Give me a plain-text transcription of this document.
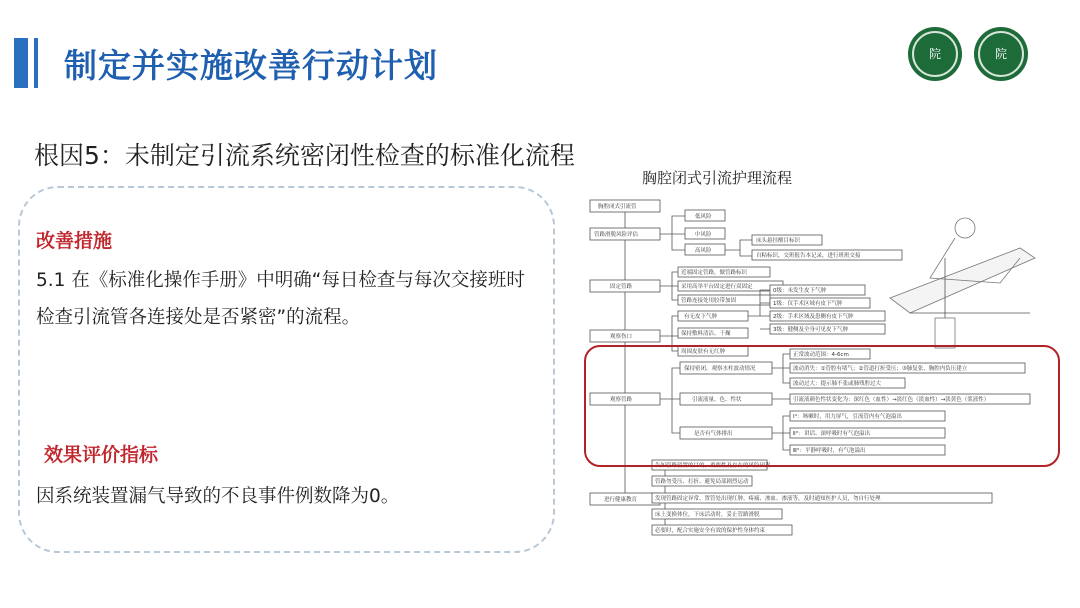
制定并实施改善行动计划	院	院
根因5：未制定引流系统密闭性检查的标准化流程
改善措施
5.1 在《标准化操作手册》中明确“每日检查与每次交接班时检查引流管各连接处是否紧密”的流程。
效果评价指标
因系统装置漏气导致的不良事件例数降为0。
胸腔闭式引流护理流程
胸腔闭式引流管
管路滑脱风险评估
固定管路
观察伤口
观察管路
进行健康教育
低风险
中风险
高风险
床头悬挂醒目标识
自粘标识，交班报告本记录，进行班班交接
近端固定管路，做管路标识
采用高举平台固定进行双固定
管路连接处用胶带加固
有无皮下气肿
保持敷料清洁、干燥
周围皮肤有无红肿
0级：未发生皮下气肿
1级：仅手术区域有皮下气肿
2级：手术区域及患侧有皮下气肿
3级：健侧及全身可见皮下气肿
保持密闭，观察水柱波动情况
引流液量、色、性状
是否有气体排出
正常波动范围：4-6cm
波动消失：①管腔有堵气；②管道打折受压；③肺复张、胸腔内负压建立
波动过大：提示肺不张或肺残腔过大
引流液颜色性状变化为：深红色（血性）→淡红色（淡血性）→淡黄色（浆液性）
Ⅰ°：咳嗽时，用力屏气，引流管内有气泡溢出
Ⅱ°：讲话、深呼吸时有气泡溢出
Ⅲ°：平静呼吸时，有气泡溢出
告知管路留置的目的，重要性及存在的风险因素
管路勿受压、打折、避免局部剧烈运动
发现管路固定异常、置管处出现红肿、疼痛、渗血、渗液等，及时通知医护人员，勿自行处理
床上变换体位，下床活动时，妥止管路滑脱
必要时，配合实施安全有效的保护性身体约束
